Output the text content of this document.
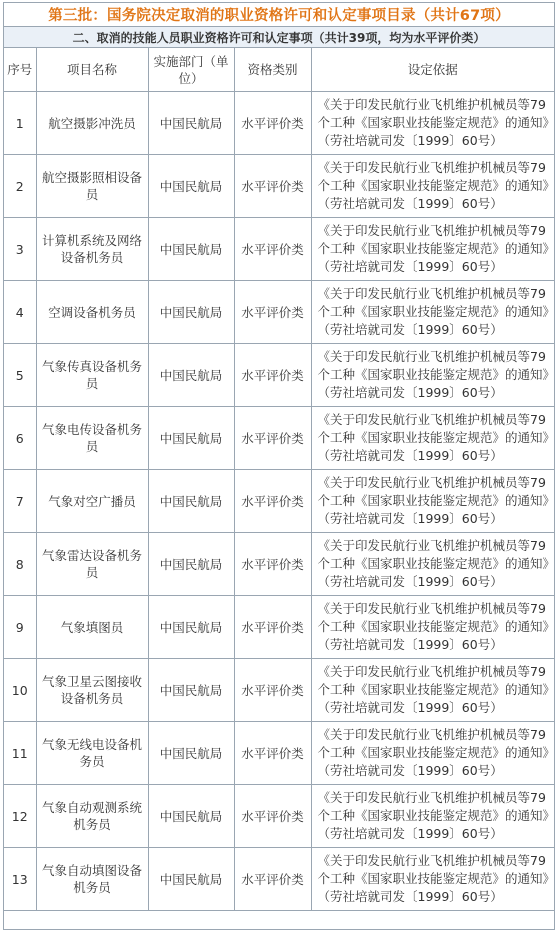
第三批：国务院决定取消的职业资格许可和认定事项目录（共计67项）
二、取消的技能人员职业资格许可和认定事项（共计39项，均为水平评价类）
序号	项目名称	实施部门（单位）	资格类别	设定依据
1	航空摄影冲洗员	中国民航局	水平评价类	《关于印发民航行业飞机维护机械员等79个工种《国家职业技能鉴定规范》的通知》（劳社培就司发〔1999〕60号）
2	航空摄影照相设备员	中国民航局	水平评价类	《关于印发民航行业飞机维护机械员等79个工种《国家职业技能鉴定规范》的通知》（劳社培就司发〔1999〕60号）
3	计算机系统及网络设备机务员	中国民航局	水平评价类	《关于印发民航行业飞机维护机械员等79个工种《国家职业技能鉴定规范》的通知》（劳社培就司发〔1999〕60号）
4	空调设备机务员	中国民航局	水平评价类	《关于印发民航行业飞机维护机械员等79个工种《国家职业技能鉴定规范》的通知》（劳社培就司发〔1999〕60号）
5	气象传真设备机务员	中国民航局	水平评价类	《关于印发民航行业飞机维护机械员等79个工种《国家职业技能鉴定规范》的通知》（劳社培就司发〔1999〕60号）
6	气象电传设备机务员	中国民航局	水平评价类	《关于印发民航行业飞机维护机械员等79个工种《国家职业技能鉴定规范》的通知》（劳社培就司发〔1999〕60号）
7	气象对空广播员	中国民航局	水平评价类	《关于印发民航行业飞机维护机械员等79个工种《国家职业技能鉴定规范》的通知》（劳社培就司发〔1999〕60号）
8	气象雷达设备机务员	中国民航局	水平评价类	《关于印发民航行业飞机维护机械员等79个工种《国家职业技能鉴定规范》的通知》（劳社培就司发〔1999〕60号）
9	气象填图员	中国民航局	水平评价类	《关于印发民航行业飞机维护机械员等79个工种《国家职业技能鉴定规范》的通知》（劳社培就司发〔1999〕60号）
10	气象卫星云图接收设备机务员	中国民航局	水平评价类	《关于印发民航行业飞机维护机械员等79个工种《国家职业技能鉴定规范》的通知》（劳社培就司发〔1999〕60号）
11	气象无线电设备机务员	中国民航局	水平评价类	《关于印发民航行业飞机维护机械员等79个工种《国家职业技能鉴定规范》的通知》（劳社培就司发〔1999〕60号）
12	气象自动观测系统机务员	中国民航局	水平评价类	《关于印发民航行业飞机维护机械员等79个工种《国家职业技能鉴定规范》的通知》（劳社培就司发〔1999〕60号）
13	气象自动填图设备机务员	中国民航局	水平评价类	《关于印发民航行业飞机维护机械员等79个工种《国家职业技能鉴定规范》的通知》（劳社培就司发〔1999〕60号）
